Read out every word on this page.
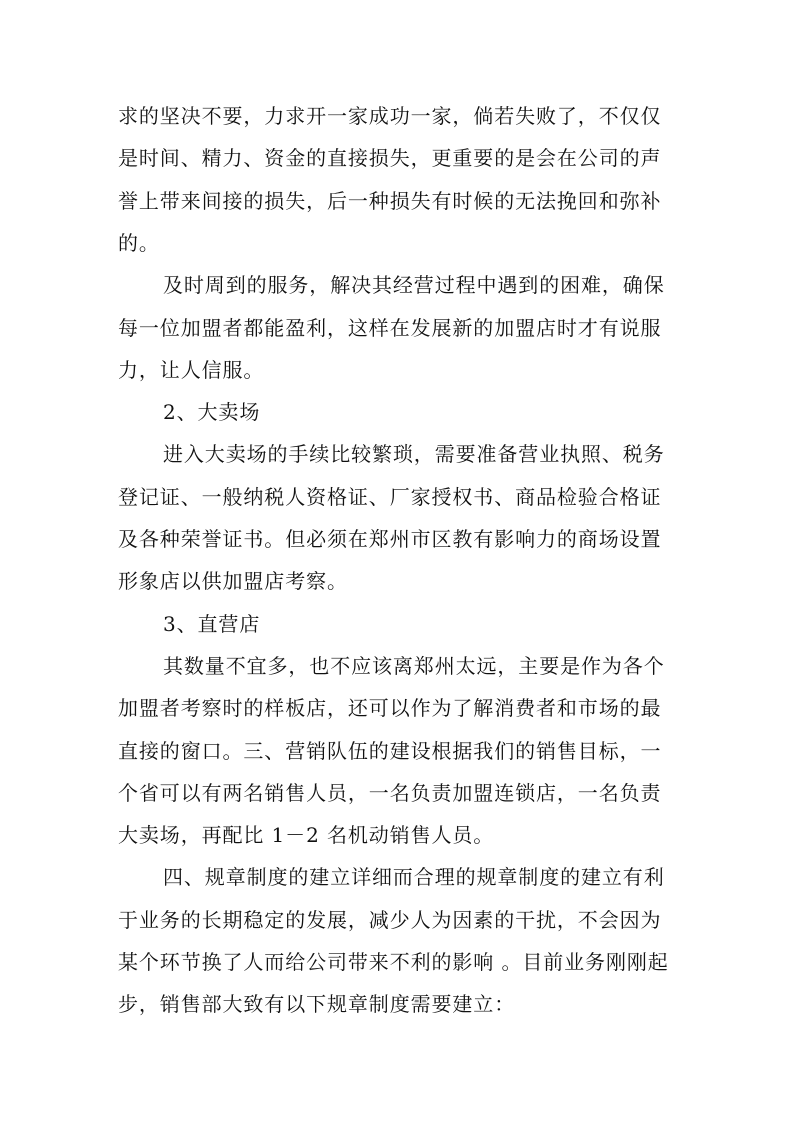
求的坚决不要，力求开一家成功一家，倘若失败了，不仅仅
是时间、精力、资金的直接损失，更重要的是会在公司的声
誉上带来间接的损失，后一种损失有时候的无法挽回和弥补
的。
及时周到的服务，解决其经营过程中遇到的困难，确保
每一位加盟者都能盈利，这样在发展新的加盟店时才有说服
力，让人信服。
2、大卖场
进入大卖场的手续比较繁琐，需要准备营业执照、税务
登记证、一般纳税人资格证、厂家授权书、商品检验合格证
及各种荣誉证书。但必须在郑州市区教有影响力的商场设置
形象店以供加盟店考察。
3、直营店
其数量不宜多，也不应该离郑州太远，主要是作为各个
加盟者考察时的样板店，还可以作为了解消费者和市场的最
直接的窗口。三、营销队伍的建设根据我们的销售目标，一
个省可以有两名销售人员，一名负责加盟连锁店，一名负责
大卖场，再配比 1－2 名机动销售人员。
四、规章制度的建立详细而合理的规章制度的建立有利
于业务的长期稳定的发展，减少人为因素的干扰，不会因为
某个环节换了人而给公司带来不利的影响 。目前业务刚刚起
步，销售部大致有以下规章制度需要建立：
